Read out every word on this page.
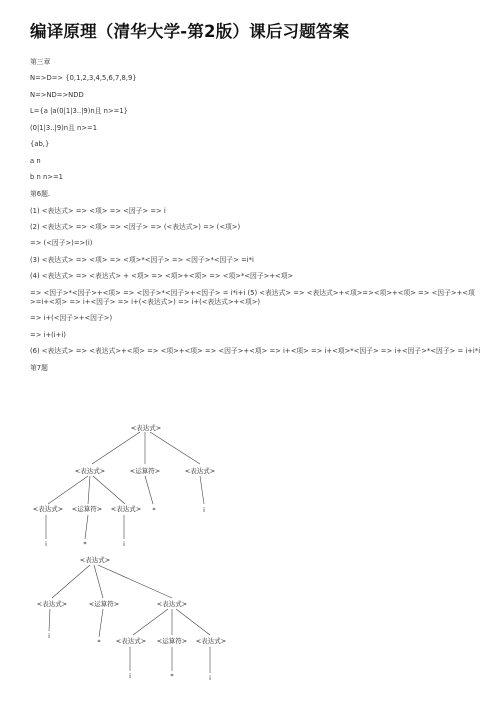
编译原理（清华大学-第2版）课后习题答案
第三章
N=>D=> {0,1,2,3,4,5,6,7,8,9}
N=>ND=>NDD
L={a |a(0|1|3..|9)n且 n>=1}
(0|1|3..|9)n且 n>=1
{ab,}
a n
b n n>=1
第6题.
(1) <表达式> => <项> => <因子> => i
(2) <表达式> => <项> => <因子> => (<表达式>) => (<项>)
=> (<因子>)=>(i)
(3) <表达式> => <项> => <项>*<因子> => <因子>*<因子> =i*i
(4) <表达式> => <表达式> + <项> => <项>+<项> => <项>*<因子>+<项>
=> <因子>*<因子>+<项> => <因子>*<因子>+<因子> = i*i+i (5) <表达式> => <表达式>+<项>=><项>+<项> => <因子>+<项>=i+<项> => i+<因子> => i+(<表达式>) => i+(<表达式>+<项>)
=> i+(<因子>+<因子>)
=> i+(i+i)
(6) <表达式> => <表达式>+<项> => <项>+<项> => <因子>+<项> => i+<项> => i+<项>*<因子> => i+<因子>*<因子> = i+i*i
第7题
<表达式>
<表达式>	<运算符>	<表达式>
<表达式> <运算符> <表达式> *	i
i	*	i
<表达式>
<表达式>	<运算符>	<表达式>
i
* <表达式> <运算符> <表达式>
i	*	i
